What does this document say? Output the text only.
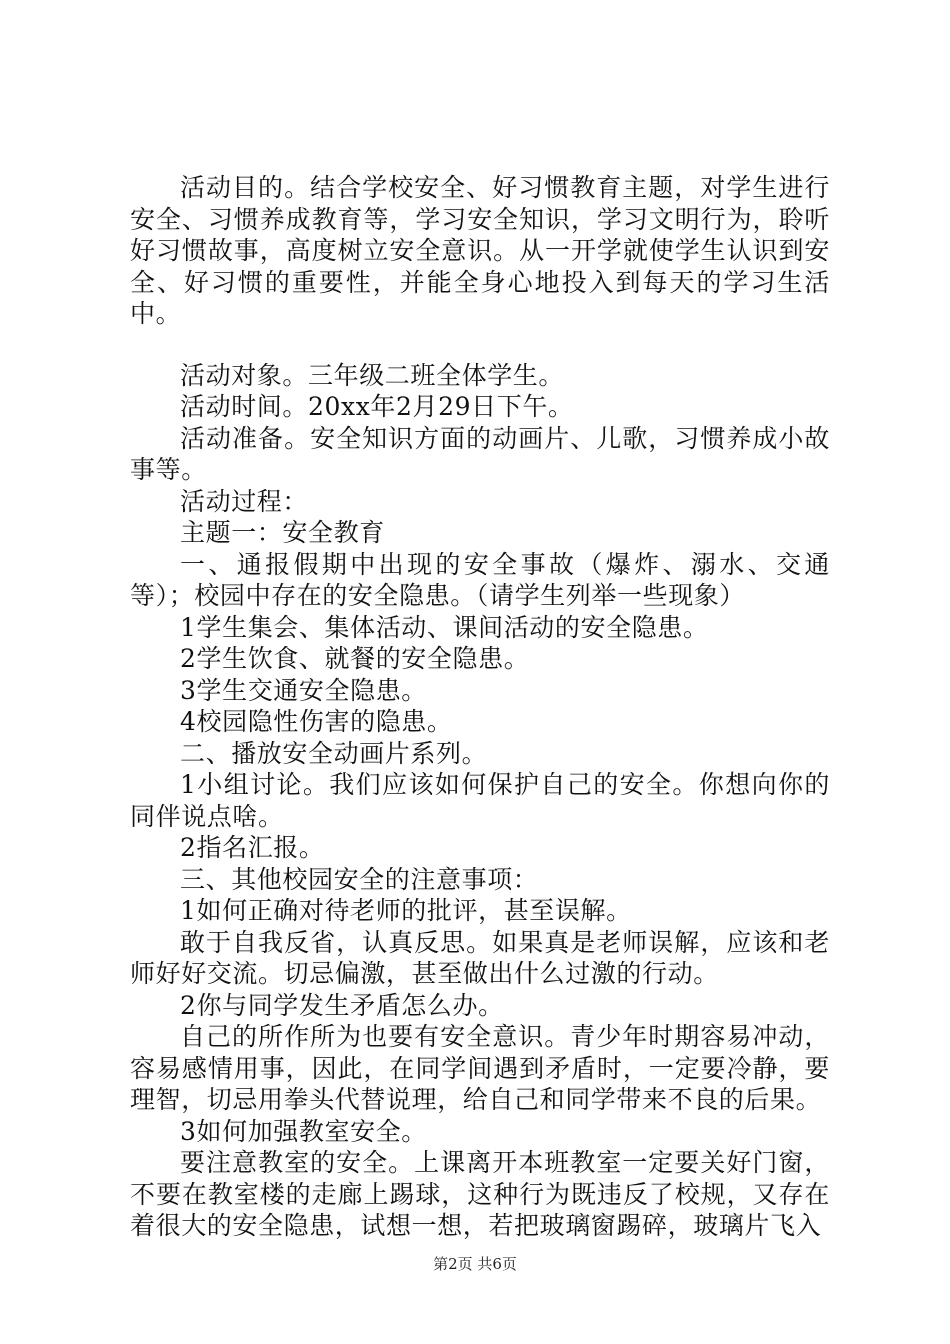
活动目的。结合学校安全、好习惯教育主题，对学生进行安全、习惯养成教育等，学习安全知识，学习文明行为，聆听好习惯故事，高度树立安全意识。从一开学就使学生认识到安全、好习惯的重要性，并能全身心地投入到每天的学习生活中。

活动对象。三年级二班全体学生。

活动时间。20xx年2月29日下午。

活动准备。安全知识方面的动画片、儿歌，习惯养成小故事等。

活动过程：

主题一：安全教育

一、通报假期中出现的安全事故（爆炸、溺水、交通等）；校园中存在的安全隐患。（请学生列举一些现象）

1学生集会、集体活动、课间活动的安全隐患。

2学生饮食、就餐的安全隐患。

3学生交通安全隐患。

4校园隐性伤害的隐患。

二、播放安全动画片系列。

1小组讨论。我们应该如何保护自己的安全。你想向你的同伴说点啥。

2指名汇报。

三、其他校园安全的注意事项：

1如何正确对待老师的批评，甚至误解。

敢于自我反省，认真反思。如果真是老师误解，应该和老师好好交流。切忌偏激，甚至做出什么过激的行动。

2你与同学发生矛盾怎么办。

自己的所作所为也要有安全意识。青少年时期容易冲动，容易感情用事，因此，在同学间遇到矛盾时，一定要冷静，要理智，切忌用拳头代替说理，给自己和同学带来不良的后果。

3如何加强教室安全。

要注意教室的安全。上课离开本班教室一定要关好门窗，不要在教室楼的走廊上踢球，这种行为既违反了校规，又存在着很大的安全隐患，试想一想，若把玻璃窗踢碎，玻璃片飞入

第2页 共6页
